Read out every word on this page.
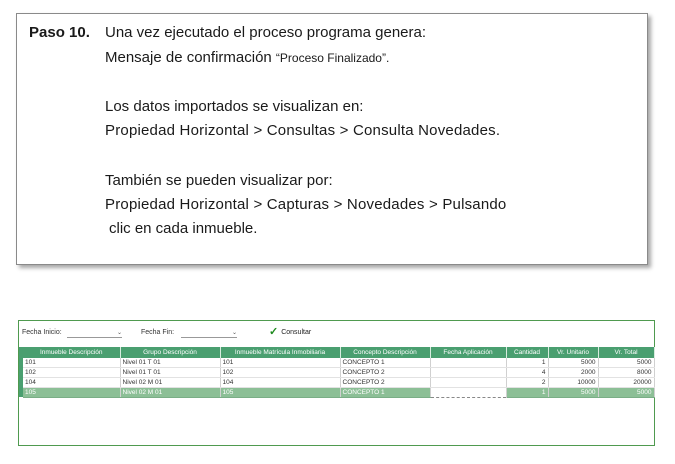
Paso 10. Una vez ejecutado el proceso programa genera:
Mensaje de confirmación “Proceso Finalizado”.
Los datos importados se visualizan en:
Propiedad Horizontal > Consultas > Consulta Novedades.
También se pueden visualizar por:
Propiedad Horizontal > Capturas > Novedades > Pulsando
clic en cada inmueble.
Fecha Inicio:	⌄	Fecha Fin:	⌄	✓ Consultar
Inmueble Descripción	Grupo Descripción	Inmueble Matrícula Inmobiliaria	Concepto Descripción	Fecha Aplicación	Cantidad	Vr. Unitario	Vr. Total
101	Nivel 01 T 01	101	CONCEPTO 1		1	5000	5000
102	Nivel 01 T 01	102	CONCEPTO 2		4	2000	8000
104	Nivel 02 M 01	104	CONCEPTO 2		2	10000	20000
105	Nivel 02 M 01	105	CONCEPTO 1		1	5000	5000
